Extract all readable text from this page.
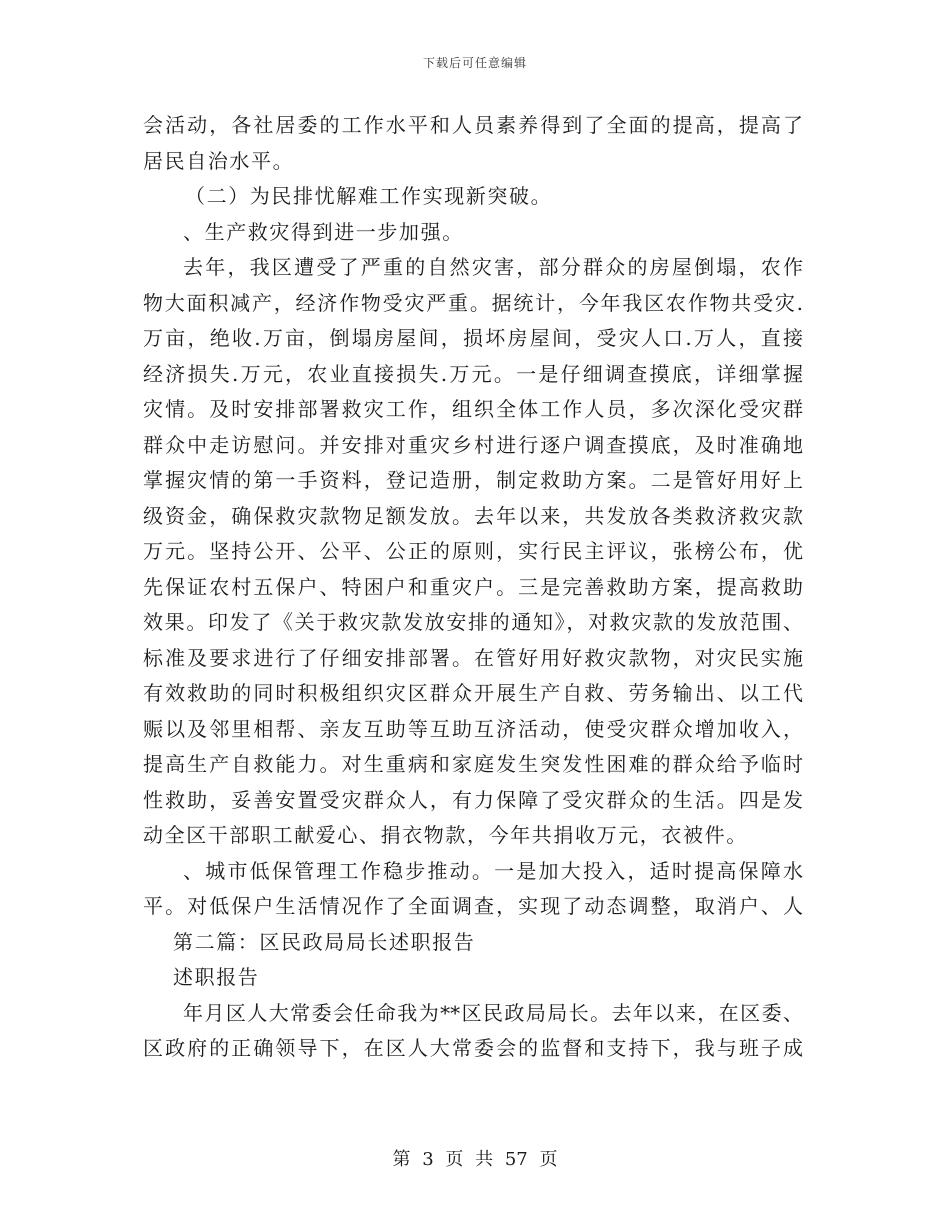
下载后可任意编辑
会活动，各社居委的工作水平和人员素养得到了全面的提高，提高了
居民自治水平。
（二）为民排忧解难工作实现新突破。
、生产救灾得到进一步加强。
去年，我区遭受了严重的自然灾害，部分群众的房屋倒塌，农作
物大面积减产，经济作物受灾严重。据统计，今年我区农作物共受灾.
万亩，绝收.万亩，倒塌房屋间，损坏房屋间，受灾人口.万人，直接
经济损失.万元，农业直接损失.万元。一是仔细调查摸底，详细掌握
灾情。及时安排部署救灾工作，组织全体工作人员，多次深化受灾群
群众中走访慰问。并安排对重灾乡村进行逐户调查摸底，及时准确地
掌握灾情的第一手资料，登记造册，制定救助方案。二是管好用好上
级资金，确保救灾款物足额发放。去年以来，共发放各类救济救灾款
万元。坚持公开、公平、公正的原则，实行民主评议，张榜公布，优
先保证农村五保户、特困户和重灾户。三是完善救助方案，提高救助
效果。印发了《关于救灾款发放安排的通知》，对救灾款的发放范围、
标准及要求进行了仔细安排部署。在管好用好救灾款物，对灾民实施
有效救助的同时积极组织灾区群众开展生产自救、劳务输出、以工代
赈以及邻里相帮、亲友互助等互助互济活动，使受灾群众增加收入，
提高生产自救能力。对生重病和家庭发生突发性困难的群众给予临时
性救助，妥善安置受灾群众人，有力保障了受灾群众的生活。四是发
动全区干部职工献爱心、捐衣物款，今年共捐收万元，衣被件。
、城市低保管理工作稳步推动。一是加大投入，适时提高保障水
平。对低保户生活情况作了全面调查，实现了动态调整，取消户、人
第二篇：区民政局局长述职报告
述职报告
年月区人大常委会任命我为**区民政局局长。去年以来，在区委、
区政府的正确领导下，在区人大常委会的监督和支持下，我与班子成
第 3 页 共 57 页
